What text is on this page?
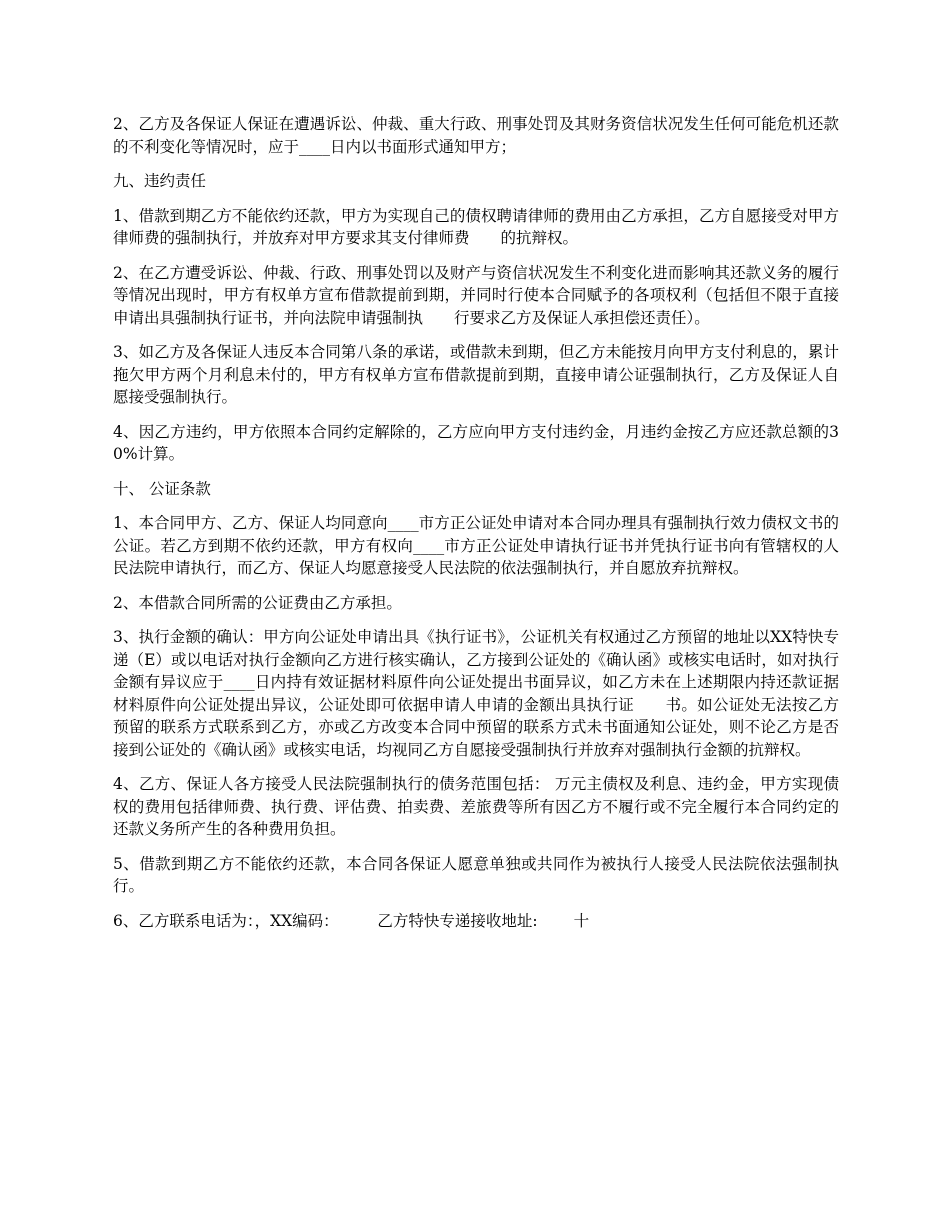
2、乙方及各保证人保证在遭遇诉讼、仲裁、重大行政、刑事处罚及其财务资信状况发生任何可能危机还款的不利变化等情况时，应于____日内以书面形式通知甲方；

九、违约责任

1、借款到期乙方不能依约还款，甲方为实现自己的债权聘请律师的费用由乙方承担，乙方自愿接受对甲方律师费的强制执行，并放弃对甲方要求其支付律师费　　的抗辩权。

2、在乙方遭受诉讼、仲裁、行政、刑事处罚以及财产与资信状况发生不利变化进而影响其还款义务的履行等情况出现时，甲方有权单方宣布借款提前到期，并同时行使本合同赋予的各项权利（包括但不限于直接申请出具强制执行证书，并向法院申请强制执　　行要求乙方及保证人承担偿还责任）。

3、如乙方及各保证人违反本合同第八条的承诺，或借款未到期，但乙方未能按月向甲方支付利息的，累计拖欠甲方两个月利息未付的，甲方有权单方宣布借款提前到期，直接申请公证强制执行，乙方及保证人自愿接受强制执行。

4、因乙方违约，甲方依照本合同约定解除的，乙方应向甲方支付违约金，月违约金按乙方应还款总额的30%计算。

十、 公证条款

1、本合同甲方、乙方、保证人均同意向____市方正公证处申请对本合同办理具有强制执行效力债权文书的公证。若乙方到期不依约还款，甲方有权向____市方正公证处申请执行证书并凭执行证书向有管辖权的人民法院申请执行，而乙方、保证人均愿意接受人民法院的依法强制执行，并自愿放弃抗辩权。

2、本借款合同所需的公证费由乙方承担。

3、执行金额的确认：甲方向公证处申请出具《执行证书》，公证机关有权通过乙方预留的地址以XX特快专递（E）或以电话对执行金额向乙方进行核实确认，乙方接到公证处的《确认函》或核实电话时，如对执行金额有异议应于____日内持有效证据材料原件向公证处提出书面异议，如乙方未在上述期限内持还款证据材料原件向公证处提出异议，公证处即可依据申请人申请的金额出具执行证　　书。如公证处无法按乙方预留的联系方式联系到乙方，亦或乙方改变本合同中预留的联系方式未书面通知公证处，则不论乙方是否接到公证处的《确认函》或核实电话，均视同乙方自愿接受强制执行并放弃对强制执行金额的抗辩权。

4、乙方、保证人各方接受人民法院强制执行的债务范围包括： 万元主债权及利息、违约金，甲方实现债权的费用包括律师费、执行费、评估费、拍卖费、差旅费等所有因乙方不履行或不完全履行本合同约定的还款义务所产生的各种费用负担。

5、借款到期乙方不能依约还款，本合同各保证人愿意单独或共同作为被执行人接受人民法院依法强制执行。

6、乙方联系电话为：，XX编码：　　　乙方特快专递接收地址: 　　十
